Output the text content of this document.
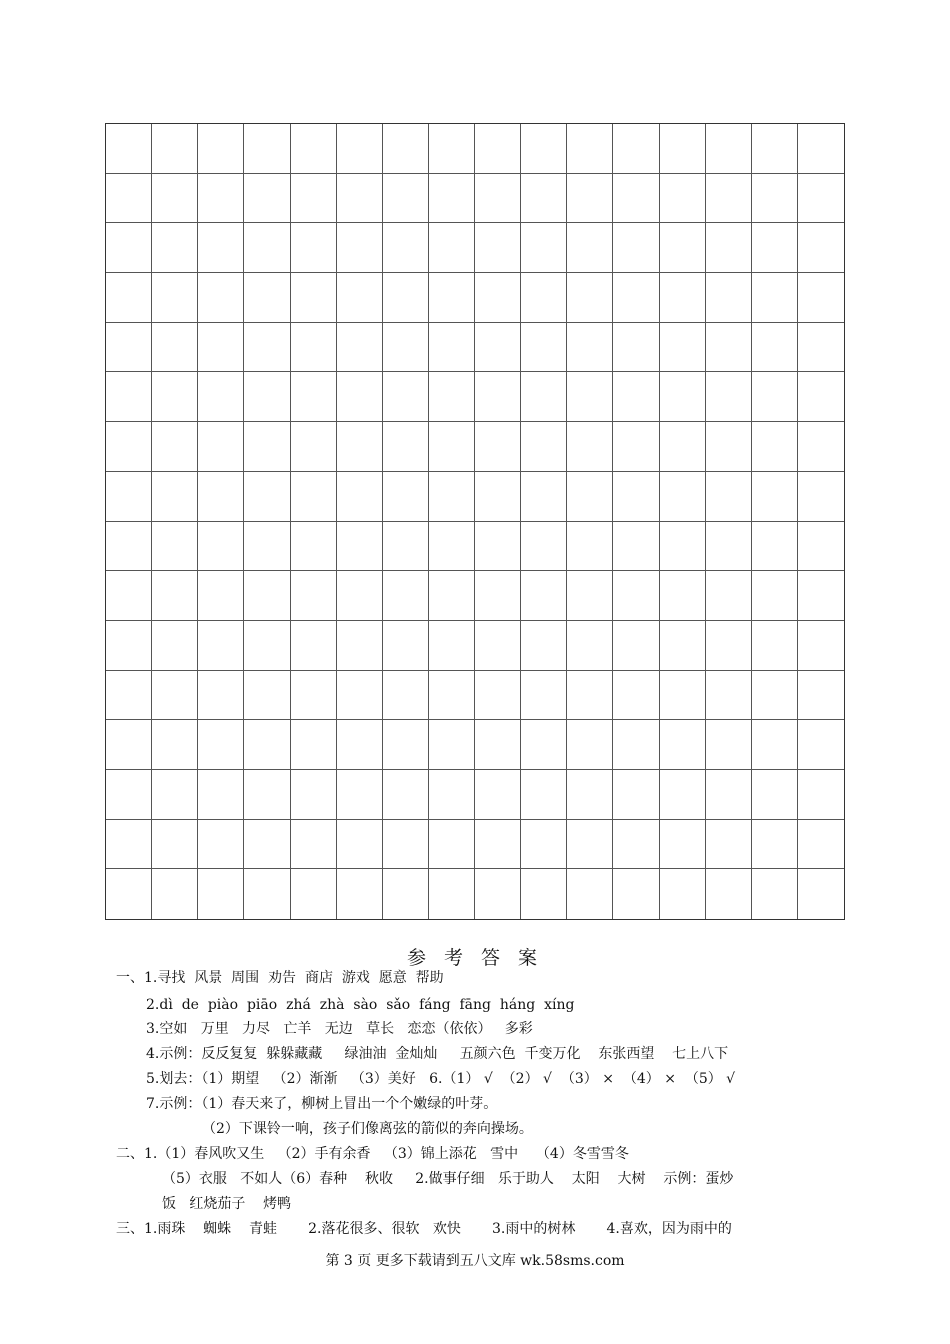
参 考 答 案
一、1.寻找  风景  周围  劝告  商店  游戏  愿意  帮助
2.dì  de  piào  piāo  zhá  zhà  sào  sǎo  fáng  fāng  háng  xíng
3.空如   万里   力尽   亡羊   无边   草长   恋恋（依依）   多彩
4.示例：反反复复  躲躲藏藏     绿油油  金灿灿     五颜六色  千变万化    东张西望    七上八下
5.划去：（1）期望   （2）渐渐   （3）美好   6.（1） √  （2） √  （3） ×  （4） ×  （5） √
7.示例：（1）春天来了，柳树上冒出一个个嫩绿的叶芽。
（2）下课铃一响，孩子们像离弦的箭似的奔向操场。
二、1.（1）春风吹又生   （2）手有余香   （3）锦上添花   雪中    （4）冬雪雪冬
（5）衣服   不如人（6）春种    秋收     2.做事仔细   乐于助人    太阳    大树    示例：蛋炒
饭   红烧茄子    烤鸭
三、1.雨珠    蜘蛛    青蛙       2.落花很多、很软   欢快       3.雨中的树林       4.喜欢，因为雨中的
第 3 页 更多下载请到五八文库 wk.58sms.com
